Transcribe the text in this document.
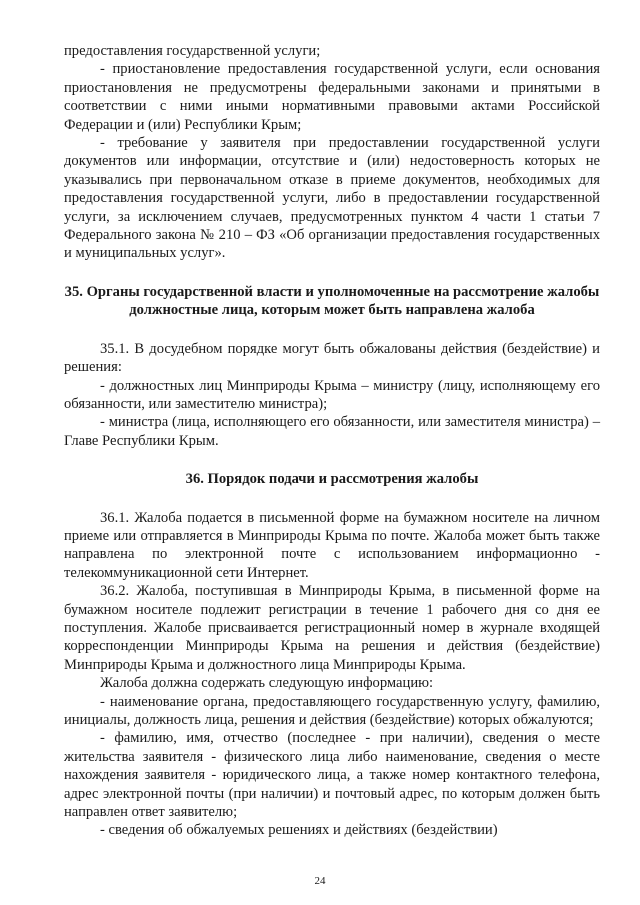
предоставления государственной услуги;

- приостановление предоставления государственной услуги, если основания приостановления не предусмотрены федеральными законами и принятыми в соответствии с ними иными нормативными правовыми актами Российской Федерации и (или) Республики Крым;

- требование у заявителя при предоставлении государственной услуги документов или информации, отсутствие и (или) недостоверность которых не указывались при первоначальном отказе в приеме документов, необходимых для предоставления государственной услуги, либо в предоставлении государственной услуги, за исключением случаев, предусмотренных пунктом 4 части 1 статьи 7 Федерального закона № 210 – ФЗ «Об организации предоставления государственных и муниципальных услуг».

35. Органы государственной власти и уполномоченные на рассмотрение жалобы должностные лица, которым может быть направлена жалоба

35.1. В досудебном порядке могут быть обжалованы действия (бездействие) и решения:

- должностных лиц Минприроды Крыма – министру (лицу, исполняющему его обязанности, или заместителю министра);

- министра (лица, исполняющего его обязанности, или заместителя министра) – Главе Республики Крым.

36. Порядок подачи и рассмотрения жалобы

36.1. Жалоба подается в письменной форме на бумажном носителе на личном приеме или отправляется в Минприроды Крыма по почте. Жалоба может быть также направлена по электронной почте с использованием информационно - телекоммуникационной сети Интернет.

36.2. Жалоба, поступившая в Минприроды Крыма, в письменной форме на бумажном носителе подлежит регистрации в течение 1 рабочего дня со дня ее поступления. Жалобе присваивается регистрационный номер в журнале входящей корреспонденции Минприроды Крыма на решения и действия (бездействие) Минприроды Крыма и должностного лица Минприроды Крыма.

Жалоба должна содержать следующую информацию:

- наименование органа, предоставляющего государственную услугу, фамилию, инициалы, должность лица, решения и действия (бездействие) которых обжалуются;

- фамилию, имя, отчество (последнее - при наличии), сведения о месте жительства заявителя - физического лица либо наименование, сведения о месте нахождения заявителя - юридического лица, а также номер контактного телефона, адрес электронной почты (при наличии) и почтовый адрес, по которым должен быть направлен ответ заявителю;

- сведения об обжалуемых решениях и действиях (бездействии)

24
